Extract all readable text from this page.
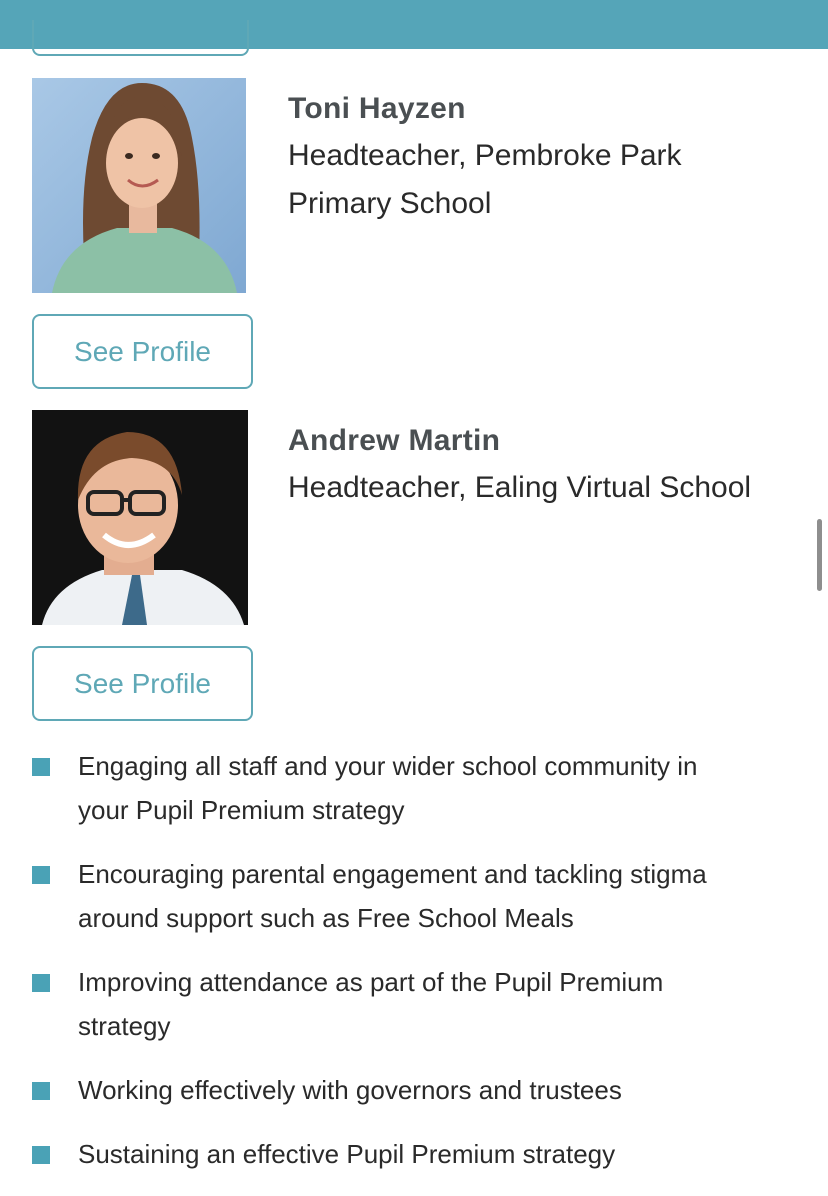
Toni Hayzen
Headteacher, Pembroke Park Primary School
See Profile
Andrew Martin
Headteacher, Ealing Virtual School
See Profile
Engaging all staff and your wider school community in your Pupil Premium strategy
Encouraging parental engagement and tackling stigma around support such as Free School Meals
Improving attendance as part of the Pupil Premium strategy
Working effectively with governors and trustees
Sustaining an effective Pupil Premium strategy
